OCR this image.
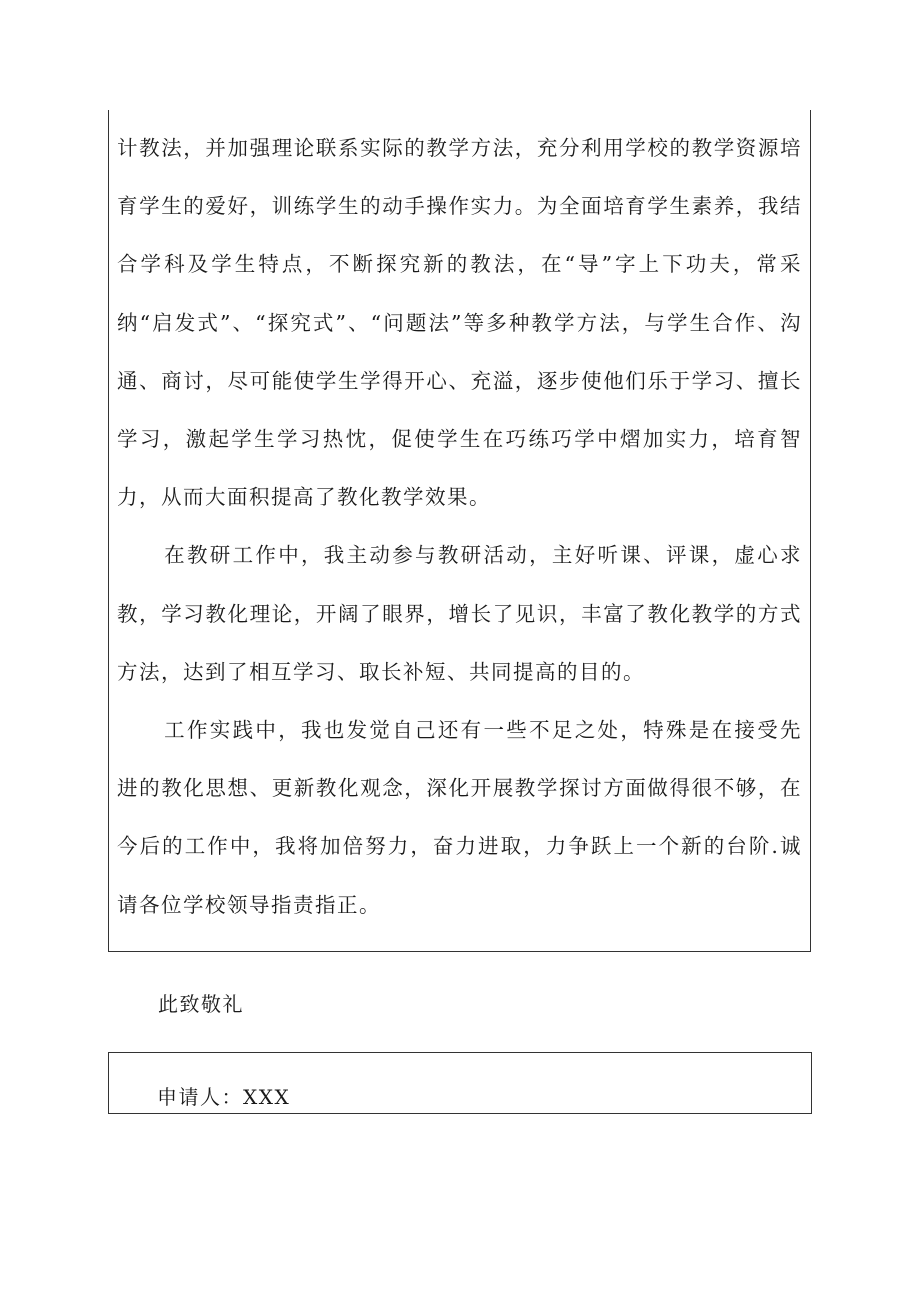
计教法，并加强理论联系实际的教学方法，充分利用学校的教学资源培育学生的爱好，训练学生的动手操作实力。为全面培育学生素养，我结合学科及学生特点，不断探究新的教法，在“导”字上下功夫，常采纳“启发式”、“探究式”、“问题法”等多种教学方法，与学生合作、沟通、商讨，尽可能使学生学得开心、充溢，逐步使他们乐于学习、擅长学习，激起学生学习热忱，促使学生在巧练巧学中熠加实力，培育智力，从而大面积提高了教化教学效果。

在教研工作中，我主动参与教研活动，主好听课、评课，虚心求教，学习教化理论，开阔了眼界，增长了见识，丰富了教化教学的方式方法，达到了相互学习、取长补短、共同提高的目的。

工作实践中，我也发觉自己还有一些不足之处，特殊是在接受先进的教化思想、更新教化观念，深化开展教学探讨方面做得很不够，在今后的工作中，我将加倍努力，奋力进取，力争跃上一个新的台阶.诚请各位学校领导指责指正。

此致敬礼

申请人：XXX
